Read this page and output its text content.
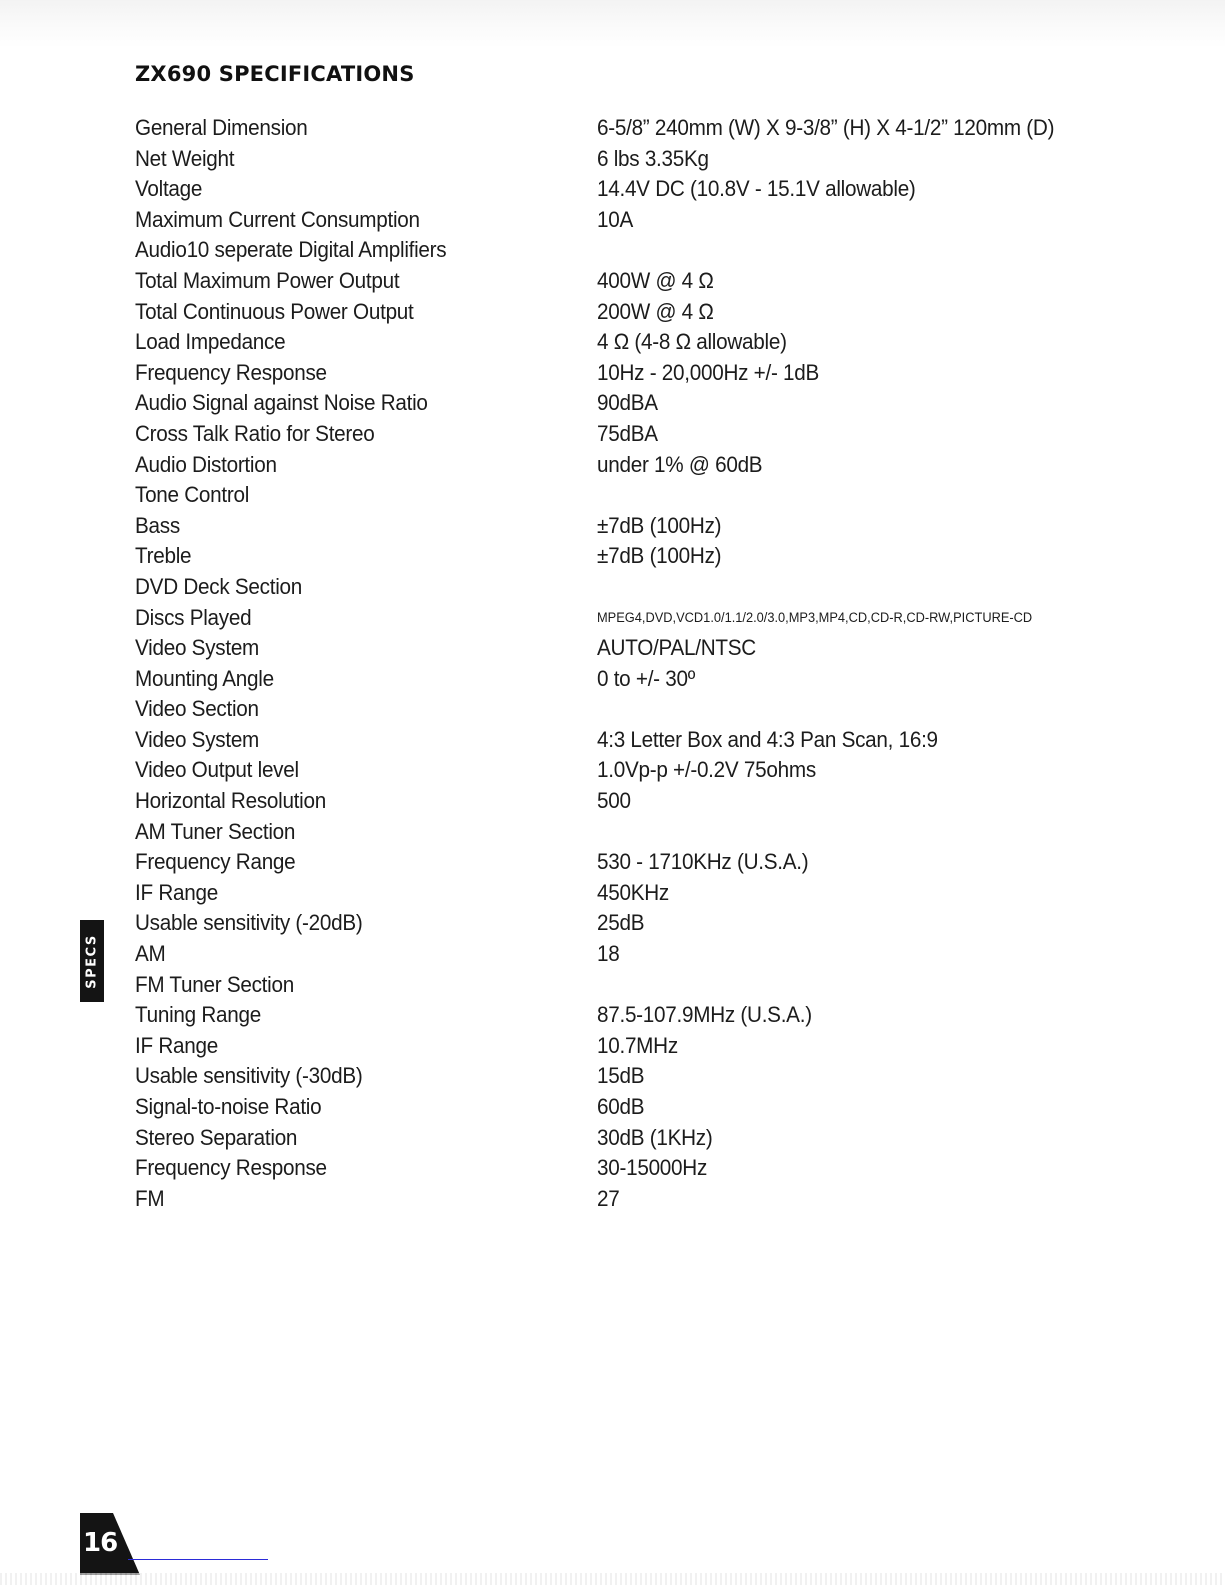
ZX690 SPECIFICATIONS
General Dimension	6-5/8” 240mm (W) X 9-3/8” (H) X 4-1/2” 120mm (D)
Net Weight	6 lbs 3.35Kg
Voltage	14.4V DC (10.8V - 15.1V allowable)
Maximum Current Consumption	10A
Audio10 seperate Digital Amplifiers
Total Maximum Power Output	400W @ 4 Ω
Total Continuous Power Output	200W @ 4 Ω
Load Impedance	4 Ω (4-8 Ω allowable)
Frequency Response	10Hz - 20,000Hz +/- 1dB
Audio Signal against Noise Ratio	90dBA
Cross Talk Ratio for Stereo	75dBA
Audio Distortion	under 1% @ 60dB
Tone Control
Bass	±7dB (100Hz)
Treble	±7dB (100Hz)
DVD Deck Section
Discs Played	MPEG4,DVD,VCD1.0/1.1/2.0/3.0,MP3,MP4,CD,CD-R,CD-RW,PICTURE-CD
Video System	AUTO/PAL/NTSC
Mounting Angle	0 to +/- 30º
Video Section
Video System	4:3 Letter Box and 4:3 Pan Scan, 16:9
Video Output level	1.0Vp-p +/-0.2V 75ohms
Horizontal Resolution	500
AM Tuner Section
Frequency Range	530 - 1710KHz (U.S.A.)
IF Range	450KHz
Usable sensitivity (-20dB)	25dB
AM	18
FM Tuner Section
Tuning Range	87.5-107.9MHz (U.S.A.)
IF Range	10.7MHz
Usable sensitivity (-30dB)	15dB
Signal-to-noise Ratio	60dB
Stereo Separation	30dB (1KHz)
Frequency Response	30-15000Hz
FM	27
SPECS
16
